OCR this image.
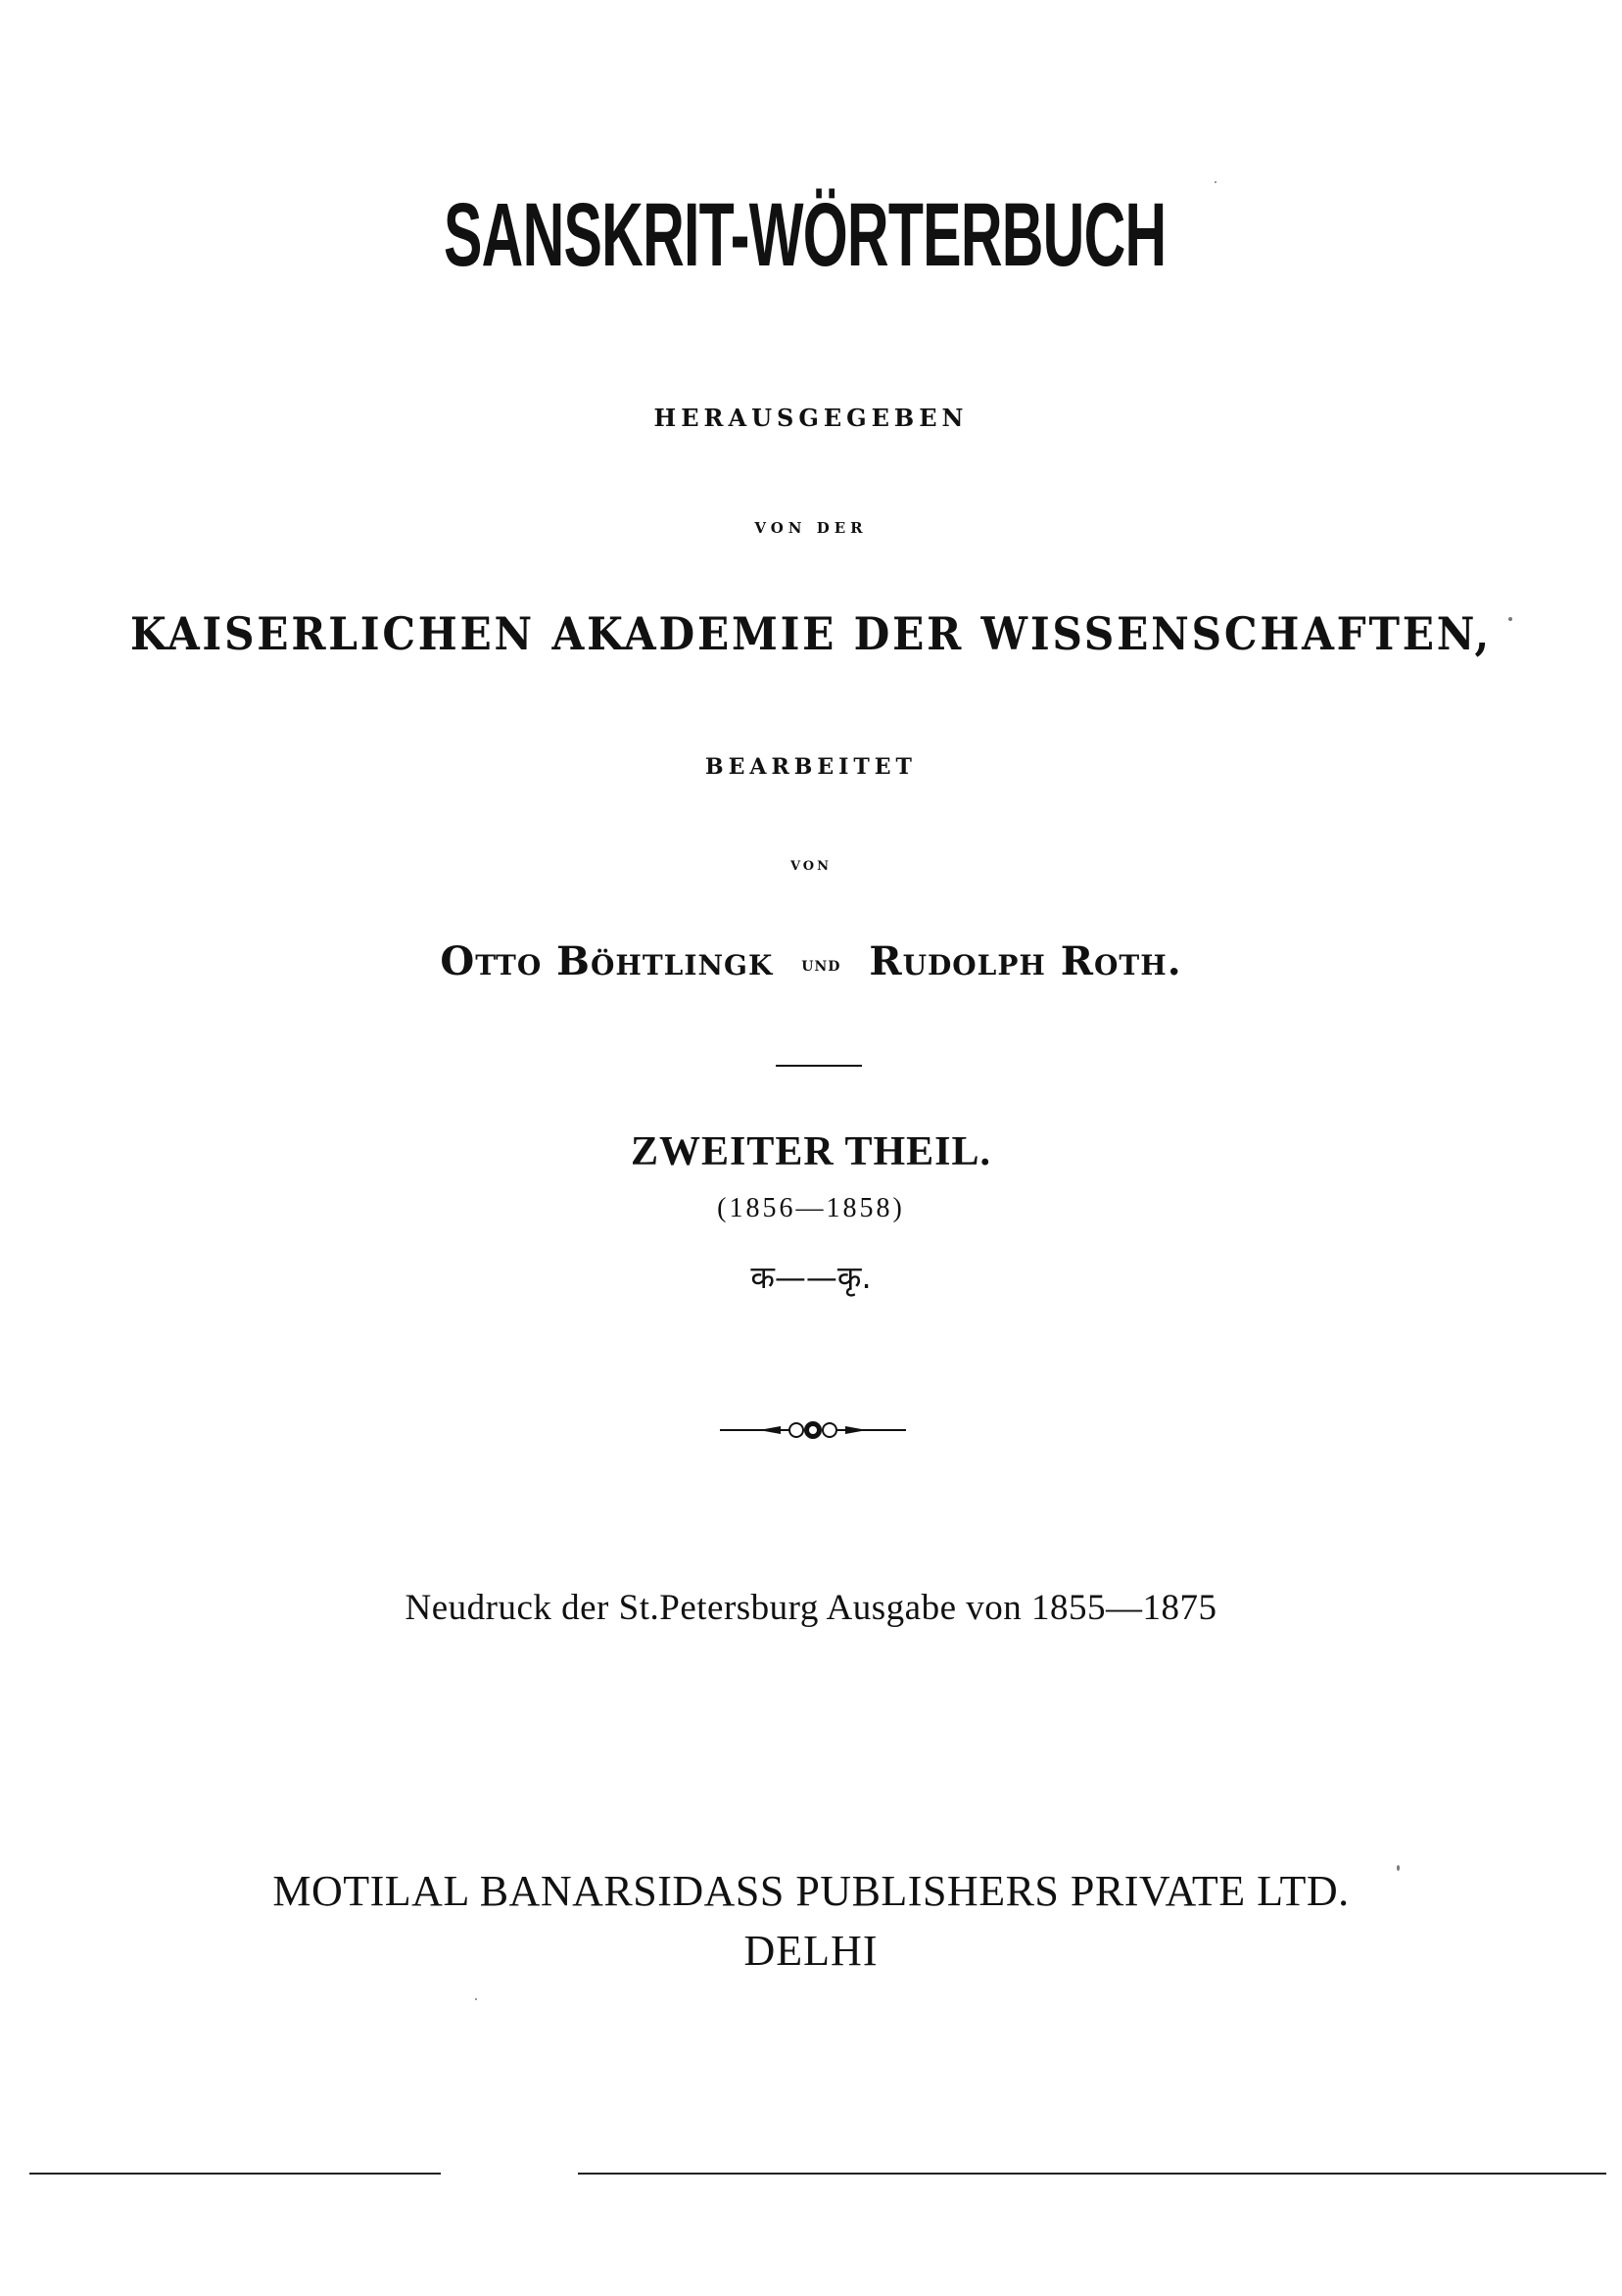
SANSKRIT-WÖRTERBUCH
HERAUSGEGEBEN
VON DER
KAISERLICHEN AKADEMIE DER WISSENSCHAFTEN,
BEARBEITET
VON
Otto Böhtlingk UND Rudolph Roth.
ZWEITER THEIL.
(1856—1858)
क——कृ.
Neudruck der St.Petersburg Ausgabe von 1855—1875
MOTILAL BANARSIDASS PUBLISHERS PRIVATE LTD.
DELHI
